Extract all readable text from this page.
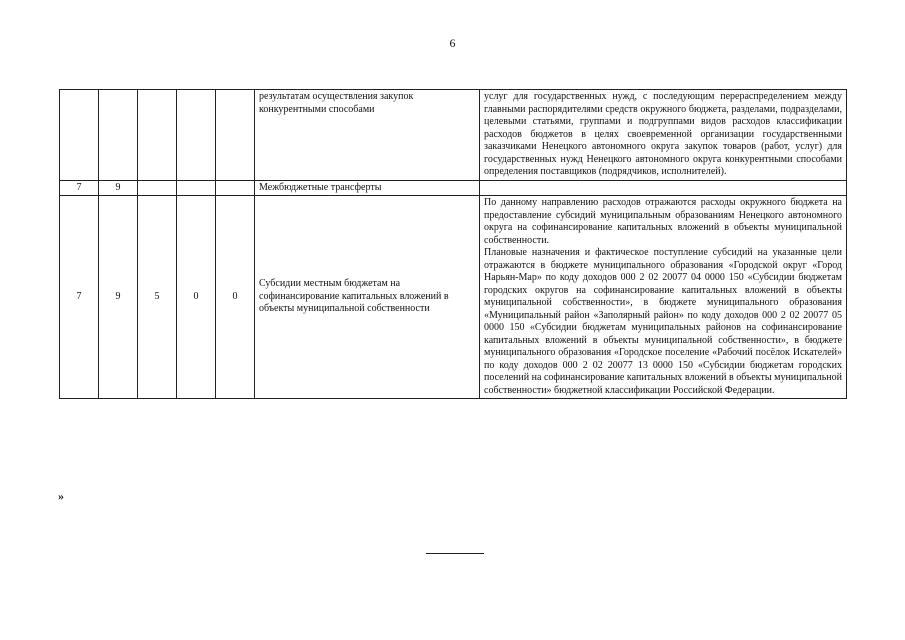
6
					результатам осуществления закупок конкурентными способами	услуг для государственных нужд, с последующим перераспределением между главными распорядителями средств окружного бюджета, разделами, подразделами, целевыми статьями, группами и подгруппами видов расходов классификации расходов бюджетов в целях своевременной организации государственными заказчиками Ненецкого автономного округа закупок товаров (работ, услуг) для государственных нужд Ненецкого автономного округа конкурентными способами определения поставщиков (подрядчиков, исполнителей).

7	9				Межбюджетные трансферты	
7	9	5	0	0	Субсидии местным бюджетам на софинансирование капитальных вложений в объекты муниципальной собственности	По данному направлению расходов отражаются расходы окружного бюджета на предоставление субсидий муниципальным образованиям Ненецкого автономного округа на софинансирование капитальных вложений в объекты муниципальной собственности.
Плановые назначения и фактическое поступление субсидий на указанные цели отражаются в бюджете муниципального образования «Городской округ «Город Нарьян-Мар» по коду доходов 000 2 02 20077 04 0000 150 «Субсидии бюджетам городских округов на софинансирование капитальных вложений в объекты муниципальной собственности», в бюджете муниципального образования «Муниципальный район «Заполярный район» по коду доходов 000 2 02 20077 05 0000 150 «Субсидии бюджетам муниципальных районов на софинансирование капитальных вложений в объекты муниципальной собственности», в бюджете муниципального образования «Городское поселение «Рабочий посёлок Искателей» по коду доходов 000 2 02 20077 13 0000 150 «Субсидии бюджетам городских поселений на софинансирование капитальных вложений в объекты муниципальной собственности» бюджетной классификации Российской Федерации.
»
